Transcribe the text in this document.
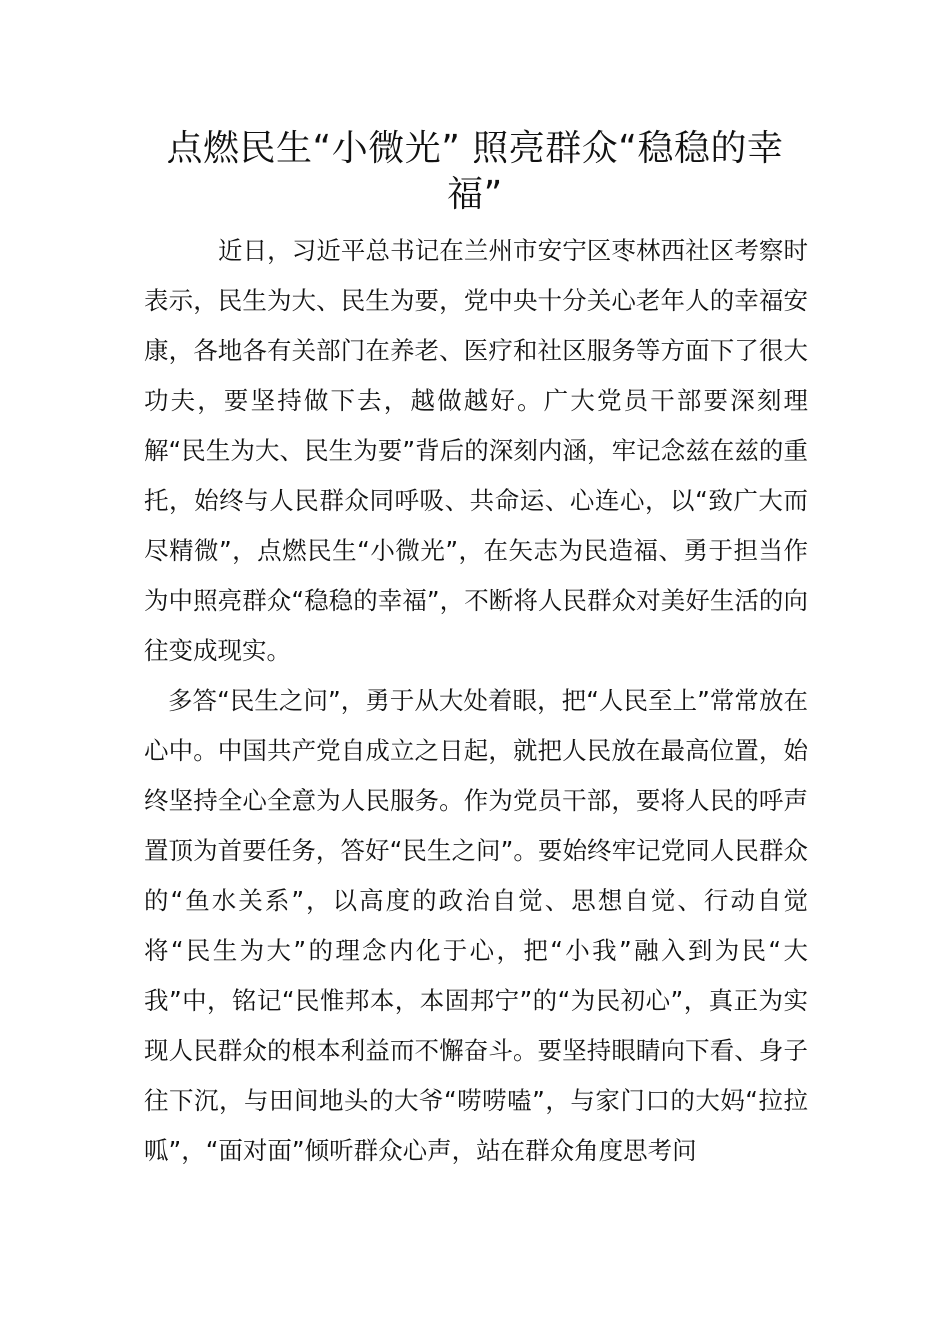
点燃民生“小微光” 照亮群众“稳稳的幸福”

近日，习近平总书记在兰州市安宁区枣林西社区考察时表示，民生为大、民生为要，党中央十分关心老年人的幸福安康，各地各有关部门在养老、医疗和社区服务等方面下了很大功夫，要坚持做下去，越做越好。广大党员干部要深刻理解“民生为大、民生为要”背后的深刻内涵，牢记念兹在兹的重托，始终与人民群众同呼吸、共命运、心连心，以“致广大而尽精微”，点燃民生“小微光”，在矢志为民造福、勇于担当作为中照亮群众“稳稳的幸福”，不断将人民群众对美好生活的向往变成现实。

多答“民生之问”，勇于从大处着眼，把“人民至上”常常放在心中。中国共产党自成立之日起，就把人民放在最高位置，始终坚持全心全意为人民服务。作为党员干部，要将人民的呼声置顶为首要任务，答好“民生之问”。要始终牢记党同人民群众的“鱼水关系”，以高度的政治自觉、思想自觉、行动自觉将“民生为大”的理念内化于心，把“小我”融入到为民“大我”中，铭记“民惟邦本，本固邦宁”的“为民初心”，真正为实现人民群众的根本利益而不懈奋斗。要坚持眼睛向下看、身子往下沉，与田间地头的大爷“唠唠嗑”，与家门口的大妈“拉拉呱”，“面对面”倾听群众心声，站在群众角度思考问
